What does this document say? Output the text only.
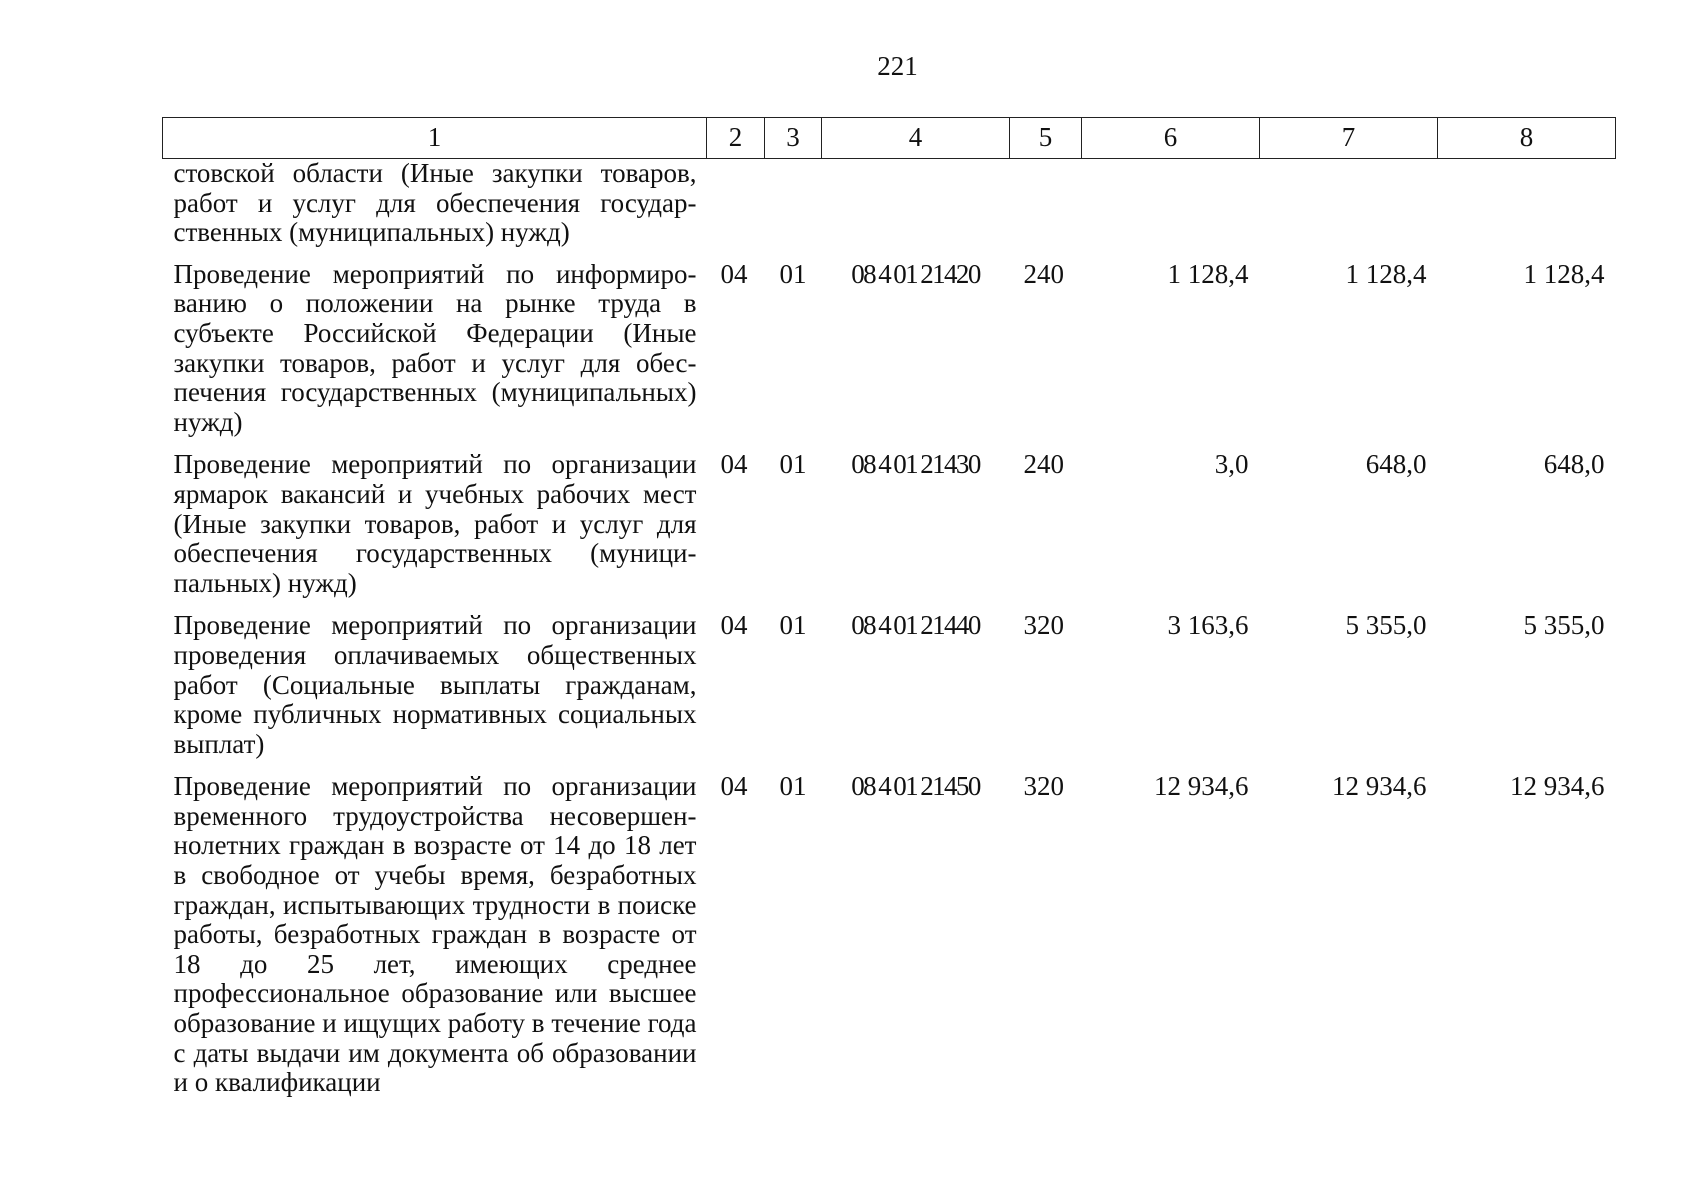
221
1	2	3	4	5	6	7	8
стовской области (Иные закупки товаров, работ и услуг для обеспечения государственных (муниципальных) нужд)							
Проведение мероприятий по информированию о положении на рынке труда в субъекте Российской Федерации (Иные закупки товаров, работ и услуг для обеспечения государственных (муниципальных) нужд)	04	01	08 4 01 21420	240	1 128,4	1 128,4	1 128,4
Проведение мероприятий по организации ярмарок вакансий и учебных рабочих мест (Иные закупки товаров, работ и услуг для обеспечения государственных (муниципальных) нужд)	04	01	08 4 01 21430	240	3,0	648,0	648,0
Проведение мероприятий по организации проведения оплачиваемых общественных работ (Социальные выплаты гражданам, кроме публичных нормативных социальных выплат)	04	01	08 4 01 21440	320	3 163,6	5 355,0	5 355,0
Проведение мероприятий по организации временного трудоустройства несовершеннолетних граждан в возрасте от 14 до 18 лет в свободное от учебы время, безработных граждан, испытывающих трудности в поиске работы, безработных граждан в возрасте от 18 до 25 лет, имеющих среднее профессиональное образование или высшее образование и ищущих работу в течение года с даты выдачи им документа об образовании и о квалификации	04	01	08 4 01 21450	320	12 934,6	12 934,6	12 934,6
